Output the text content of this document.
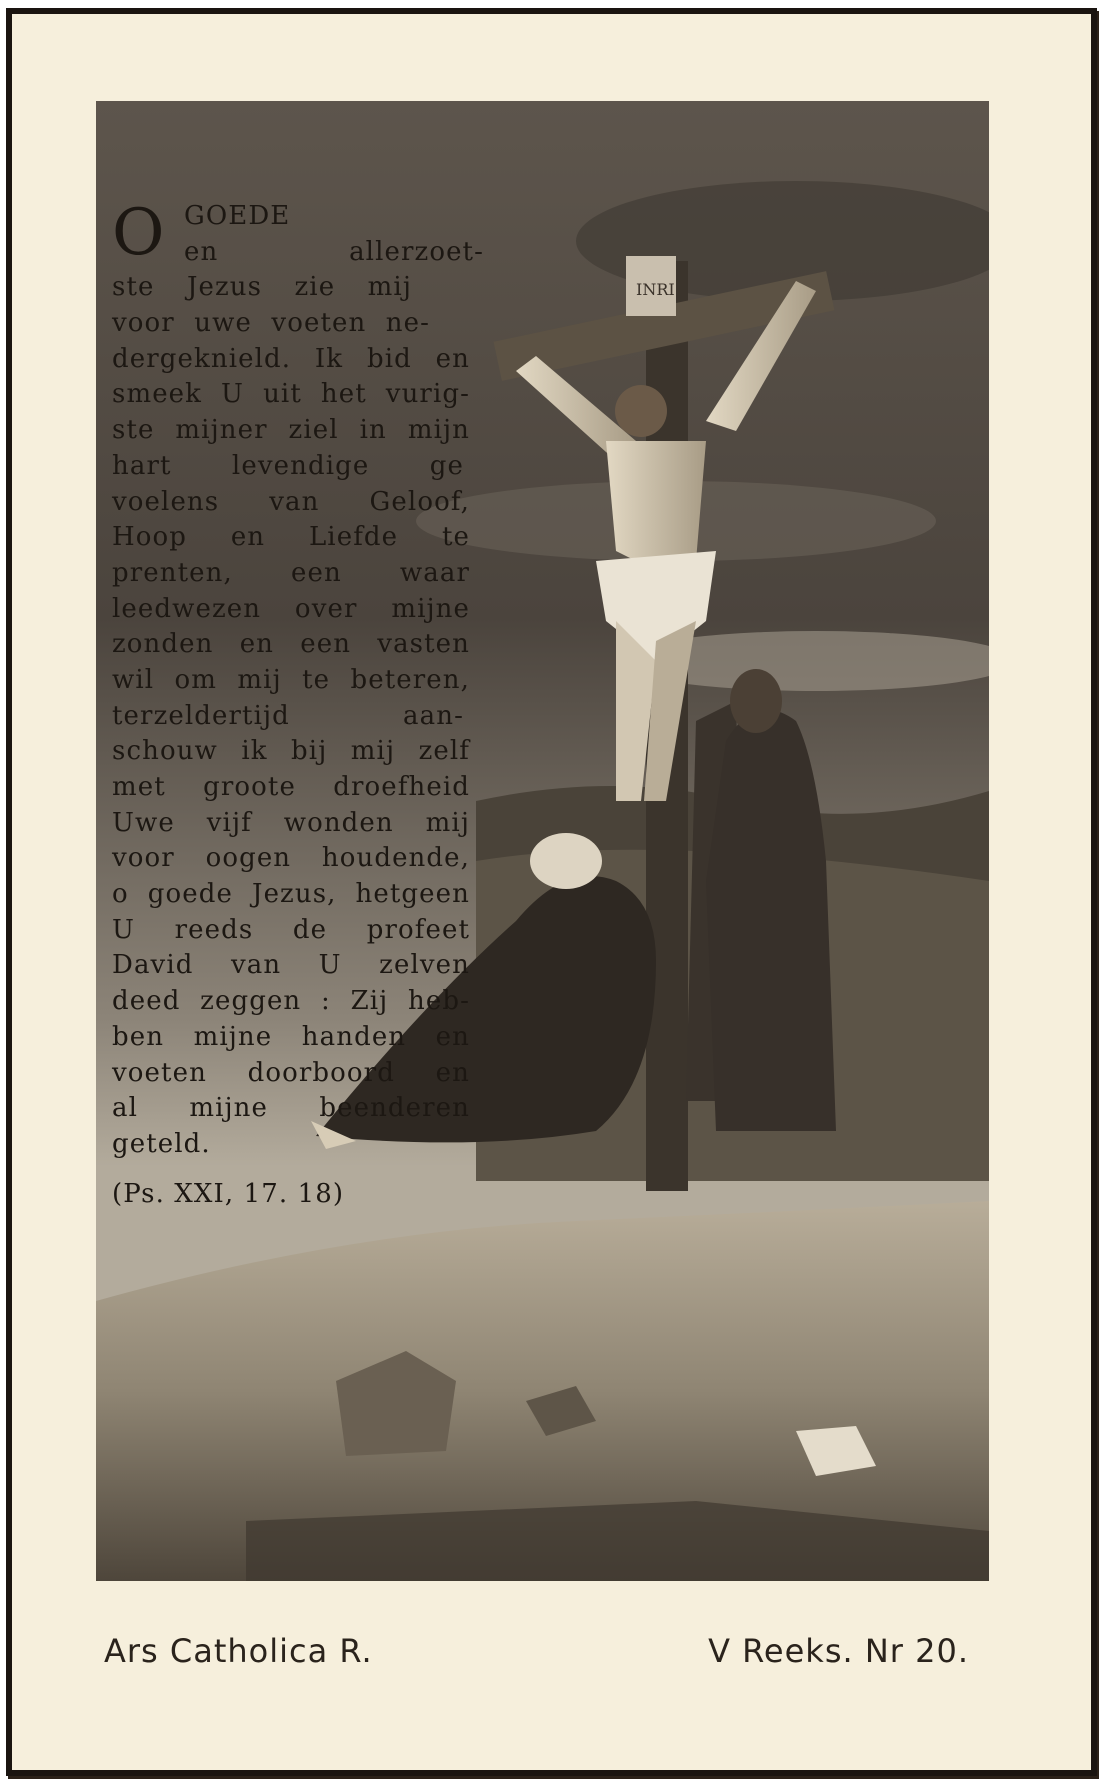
INRI
O GOEDE
en allerzoet-
ste Jezus zie mij
voor uwe voeten ne-
dergeknield. Ik bid en
smeek U uit het vurig-
ste mijner ziel in mijn
hart levendige ge
voelens van Geloof,
Hoop en Liefde te
prenten, een waar
leedwezen over mijne
zonden en een vasten
wil om mij te beteren,
terzeldertijd aan-
schouw ik bij mij zelf
met groote droefheid
Uwe vijf wonden mij
voor oogen houdende,
o goede Jezus, hetgeen
U reeds de profeet
David van U zelven
deed zeggen : Zij heb-
ben mijne handen en
voeten doorboord en
al mijne beenderen
geteld.
(Ps. XXI, 17. 18)
Ars Catholica R.	V Reeks. Nr 20.
